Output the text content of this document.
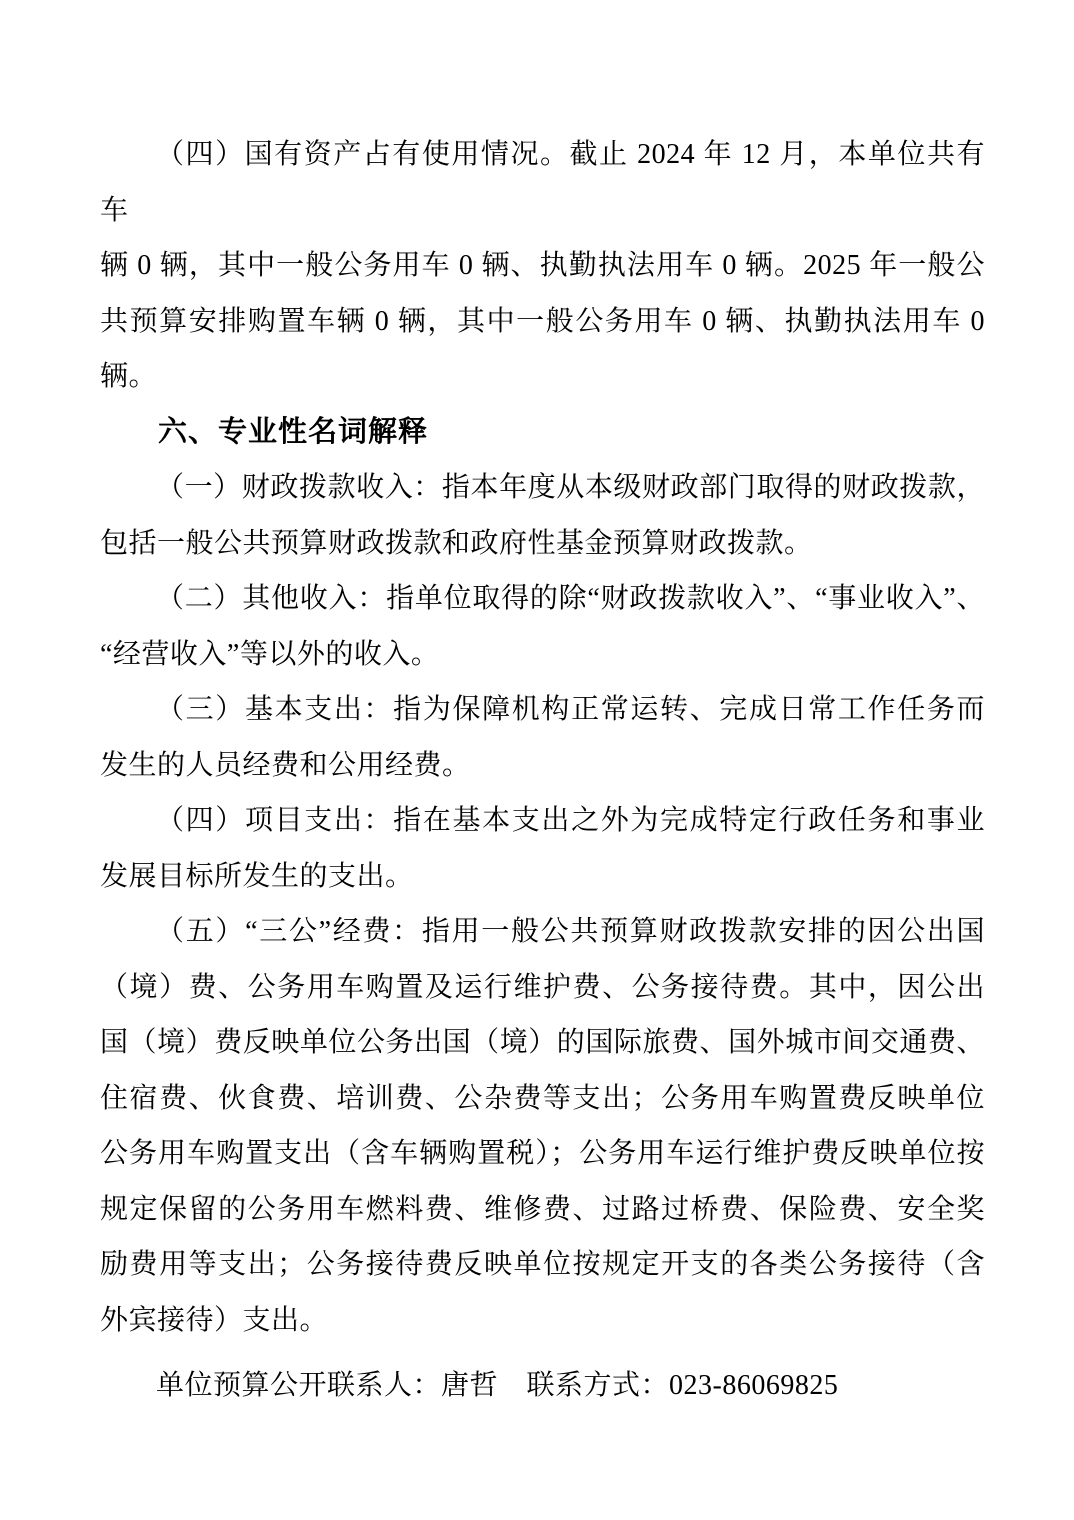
（四）国有资产占有使用情况。截止 2024 年 12 月，本单位共有车
辆 0 辆，其中一般公务用车 0 辆、执勤执法用车 0 辆。2025 年一般公
共预算安排购置车辆 0 辆，其中一般公务用车 0 辆、执勤执法用车 0
辆。
六、专业性名词解释
（一）财政拨款收入：指本年度从本级财政部门取得的财政拨款，
包括一般公共预算财政拨款和政府性基金预算财政拨款。
（二）其他收入：指单位取得的除“财政拨款收入”、“事业收入”、
“经营收入”等以外的收入。
（三）基本支出：指为保障机构正常运转、完成日常工作任务而
发生的人员经费和公用经费。
（四）项目支出：指在基本支出之外为完成特定行政任务和事业
发展目标所发生的支出。
（五）“三公”经费：指用一般公共预算财政拨款安排的因公出国
（境）费、公务用车购置及运行维护费、公务接待费。其中，因公出
国（境）费反映单位公务出国（境）的国际旅费、国外城市间交通费、
住宿费、伙食费、培训费、公杂费等支出；公务用车购置费反映单位
公务用车购置支出（含车辆购置税）；公务用车运行维护费反映单位按
规定保留的公务用车燃料费、维修费、过路过桥费、保险费、安全奖
励费用等支出；公务接待费反映单位按规定开支的各类公务接待（含
外宾接待）支出。
单位预算公开联系人：唐哲　联系方式：023-86069825
